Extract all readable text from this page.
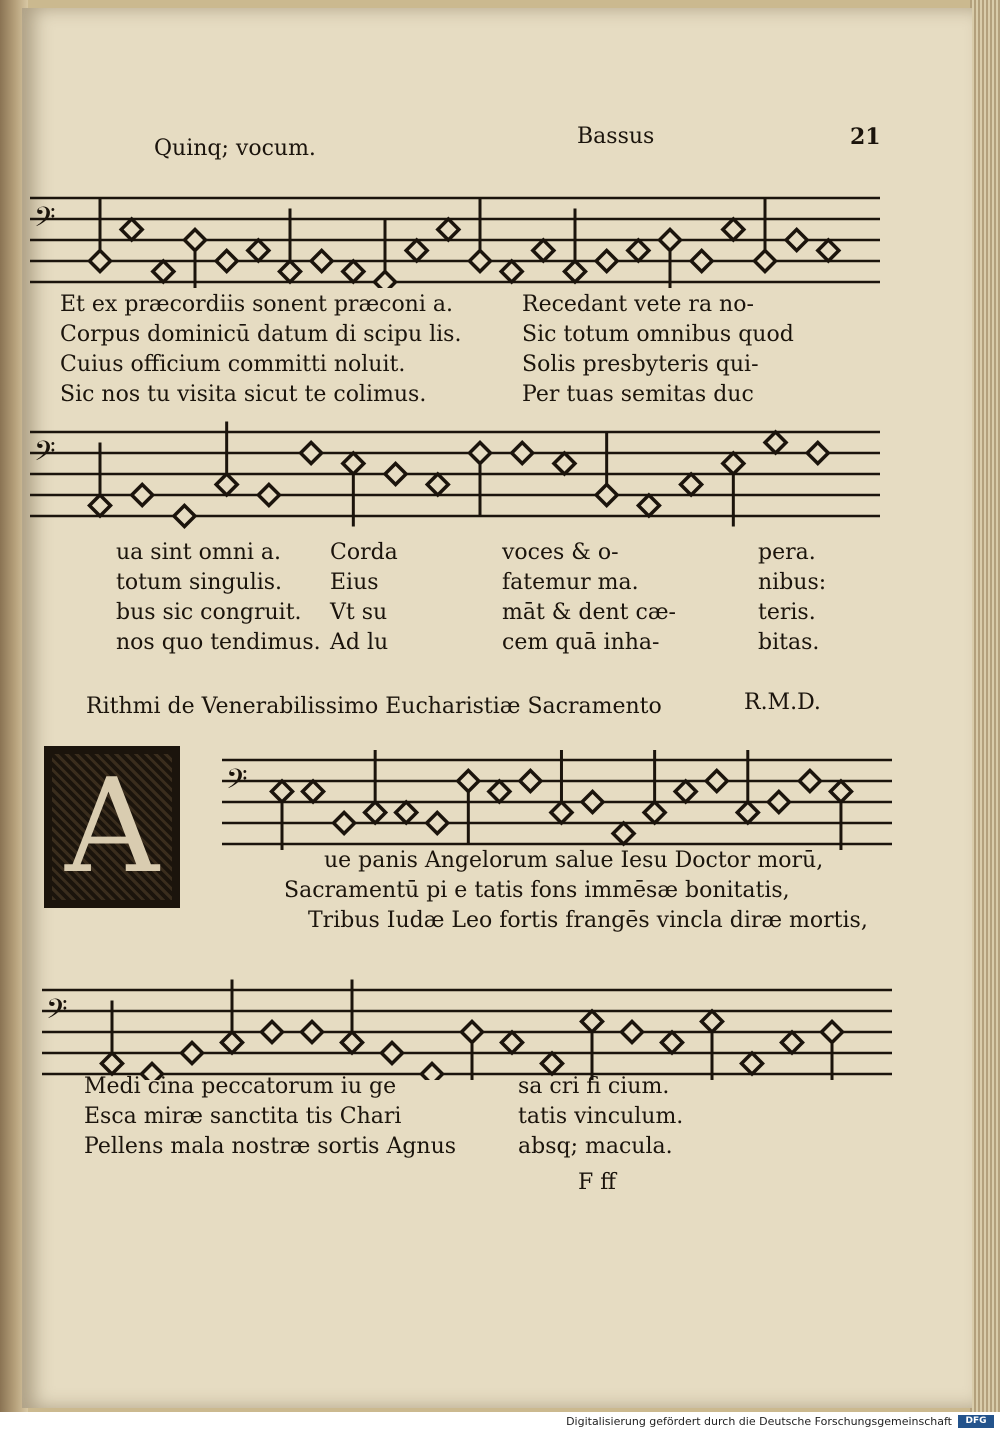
Quinq; vocum.	Bassus	21
𝄢
Et ex præcordiis sonent præconi a.
Corpus dominicū datum di scipu lis.
Cuius officium committi noluit.
Sic nos tu visita sicut te colimus.
Recedant vete ra no-
Sic totum omnibus quod
Solis presbyteris qui-
Per tuas semitas duc
𝄢
ua sint omni a.
totum singulis.
bus sic congruit.
nos quo tendimus.
Corda
Eius
Vt su
Ad lu
voces & o-
fatemur ma.
māt & dent cæ-
cem quā inha-
pera.
nibus:
teris.
bitas.
Rithmi de Venerabilissimo Eucharistiæ Sacramento	R.M.D.
A	𝄢
ue panis Angelorum salue Iesu Doctor morū,
Sacramentū pi e tatis fons immēsæ bonitatis,
Tribus Iudæ Leo fortis frangēs vincla diræ mortis,
𝄢
Medi cina peccatorum iu ge
Esca miræ sanctita tis Chari
Pellens mala nostræ sortis Agnus
sa cri fi cium.
tatis vinculum.
absq; macula.
F ff
Digitalisierung gefördert durch die Deutsche Forschungsgemeinschaft	DFG
